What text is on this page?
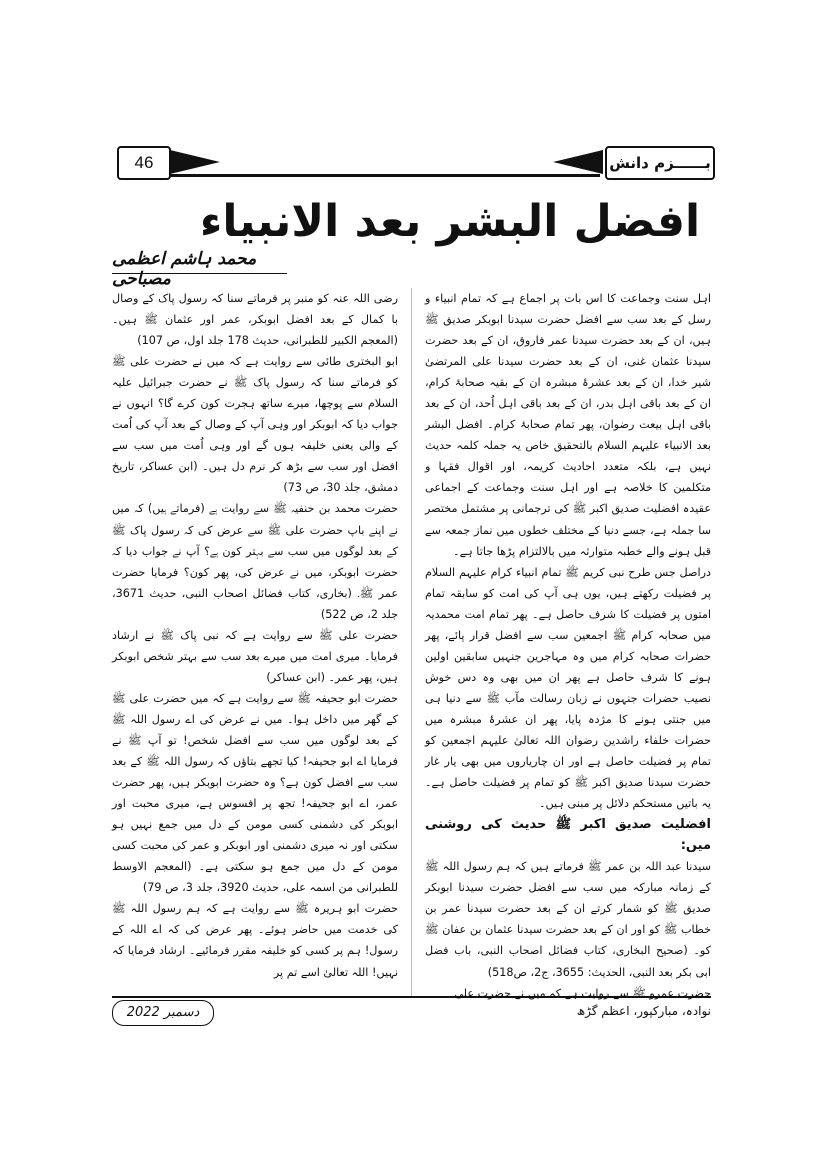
46	بــــــزم دانش
افضل البشر بعد الانبیاء
محمد ہاشم اعظمی مصباحی

اہل سنت وجماعت کا اس بات پر اجماع ہے کہ تمام انبیاء و رسل کے بعد سب سے افضل حضرت سیدنا ابوبکر صدیق ﷺ ہیں، ان کے بعد حضرت سیدنا عمر فاروق، ان کے بعد حضرت سیدنا عثمان غنی، ان کے بعد حضرت سیدنا علی المرتضیٰ شیر خدا، ان کے بعد عشرۂ مبشرہ ان کے بقیہ صحابۂ کرام، ان کے بعد باقی اہل بدر، ان کے بعد باقی اہل اُحد، ان کے بعد باقی اہل بیعت رضوان، پھر تمام صحابۂ کرام۔ افضل البشر بعد الانبیاء علیہم السلام بالتحقیق خاص یہ جملہ کلمہ حدیث نہیں ہے، بلکہ متعدد احادیث کریمہ، اور اقوال فقہا و متکلمین کا خلاصہ ہے اور اہل سنت وجماعت کے اجماعی عقیدہ افضلیت صدیق اکبر ﷺ کی ترجمانی پر مشتمل مختصر سا جملہ ہے، جسے دنیا کے مختلف خطوں میں نماز جمعہ سے قبل ہونے والے خطبہ متوارثہ میں بالالتزام پڑھا جاتا ہے۔

دراصل جس طرح نبی کریم ﷺ تمام انبیاء کرام علیہم السلام پر فضیلت رکھتے ہیں، یوں ہی آپ کی امت کو سابقہ تمام امتوں پر فضیلت کا شرف حاصل ہے۔ پھر تمام امت محمدیہ میں صحابہ کرام ﷺ اجمعین سب سے افضل قرار پائے، پھر حضرات صحابہ کرام میں وہ مہاجرین جنہیں سابقین اولین ہونے کا شرف حاصل ہے پھر ان میں بھی وہ دس خوش نصیب حضرات جنہوں نے زبان رسالت مآب ﷺ سے دنیا ہی میں جنتی ہونے کا مژدہ پایا، پھر ان عشرۂ مبشرہ میں حضرات خلفاء راشدین رضوان اللہ تعالیٰ علیہم اجمعین کو تمام پر فضیلت حاصل ہے اور ان چاریاروں میں بھی یار غار حضرت سیدنا صدیق اکبر ﷺ کو تمام پر فضیلت حاصل ہے۔ یہ باتیں مستحکم دلائل پر مبنی ہیں۔

افضلیت صدیق اکبر ﷺ حدیث کی روشنی میں:

سیدنا عبد اللہ بن عمر ﷺ فرماتے ہیں کہ ہم رسول اللہ ﷺ کے زمانہ مبارکہ میں سب سے افضل حضرت سیدنا ابوبکر صدیق ﷺ کو شمار کرتے ان کے بعد حضرت سیدنا عمر بن خطاب ﷺ کو اور ان کے بعد حضرت سیدنا عثمان بن عفان ﷺ کو۔ (صحیح البخاری، کتاب فضائل اصحاب النبی، باب فضل ابی بکر بعد النبی، الحدیث: 3655، ج2، ص518)

حضرت عمرو ﷺ سے روایت ہے کہ میں نے حضرت علی

رضی اللہ عنہ کو منبر پر فرماتے سنا کہ رسول پاک کے وصال با کمال کے بعد افضل ابوبکر، عمر اور عثمان ﷺ ہیں۔ (المعجم الکبیر للطبرانی، حدیث 178 جلد اول، ص 107)

ابو البختری طائی سے روایت ہے کہ میں نے حضرت علی ﷺ کو فرماتے سنا کہ رسول پاک ﷺ نے حضرت جبرائیل علیہ السلام سے پوچھا، میرے ساتھ ہجرت کون کرے گا؟ انہوں نے جواب دیا کہ ابوبکر اور وہی آپ کے وصال کے بعد آپ کی اُمت کے والی یعنی خلیفہ ہوں گے اور وہی اُمت میں سب سے افضل اور سب سے بڑھ کر نرم دل ہیں۔ (ابن عساکر، تاریخ دمشق، جلد 30، ص 73)

حضرت محمد بن حنفیہ ﷺ سے روایت ہے (فرماتے ہیں) کہ میں نے اپنے باپ حضرت علی ﷺ سے عرض کی کہ رسول پاک ﷺ کے بعد لوگوں میں سب سے بہتر کون ہے؟ آپ نے جواب دیا کہ حضرت ابوبکر، میں نے عرض کی، پھر کون؟ فرمایا حضرت عمر ﷺ۔ (بخاری، کتاب فضائل اصحاب النبی، حدیث 3671، جلد 2، ص 522)

حضرت علی ﷺ سے روایت ہے کہ نبی پاک ﷺ نے ارشاد فرمایا۔ میری امت میں میرے بعد سب سے بہتر شخص ابوبکر ہیں، پھر عمر۔ (ابن عساکر)

حضرت ابو جحیفہ ﷺ سے روایت ہے کہ میں حضرت علی ﷺ کے گھر میں داخل ہوا۔ میں نے عرض کی اے رسول اللہ ﷺ کے بعد لوگوں میں سب سے افضل شخص! تو آپ ﷺ نے فرمایا اے ابو جحیفہ! کیا تجھے بتاؤں کہ رسول اللہ ﷺ کے بعد سب سے افضل کون ہے؟ وہ حضرت ابوبکر ہیں، پھر حضرت عمر، اے ابو جحیفہ! تجھ پر افسوس ہے، میری محبت اور ابوبکر کی دشمنی کسی مومن کے دل میں جمع نہیں ہو سکتی اور نہ میری دشمنی اور ابوبکر و عمر کی محبت کسی مومن کے دل میں جمع ہو سکتی ہے۔ (المعجم الاوسط للطبرانی من اسمہ علی، حدیث 3920، جلد 3، ص 79)

حضرت ابو ہریرہ ﷺ سے روایت ہے کہ ہم رسول اللہ ﷺ کی خدمت میں حاضر ہوئے۔ پھر عرض کی کہ اے اللہ کے رسول! ہم پر کسی کو خلیفہ مقرر فرمائیے۔ ارشاد فرمایا کہ نہیں! اللہ تعالیٰ اسے تم پر

دسمبر 2022	نوادہ، مبارکپور، اعظم گڑھ
